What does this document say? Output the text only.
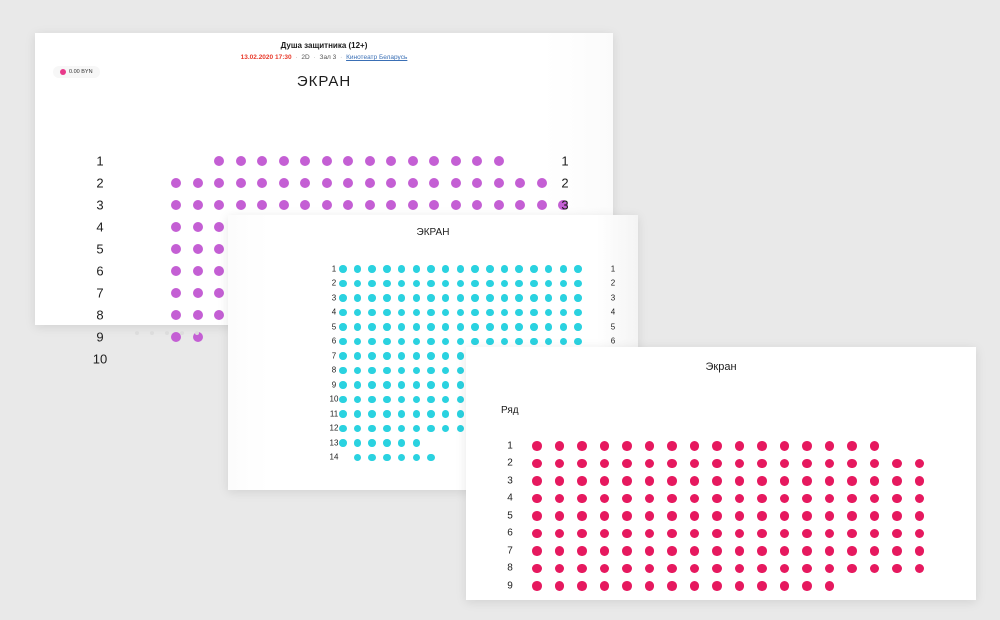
Душа защитника (12+)
13.02.2020 17:30 · 2D · Зал 3 · Кинотеатр Беларусь
0.00 BYN
ЭКРАН
1
2
3
4
5
6
7
8
9
10
1
2
3
ЭКРАН
1
2
3
4
5
6
7
8
9
10
11
12
13
14
1
2
3
4
5
6
Экран
Ряд
1
2
3
4
5
6
7
8
9
